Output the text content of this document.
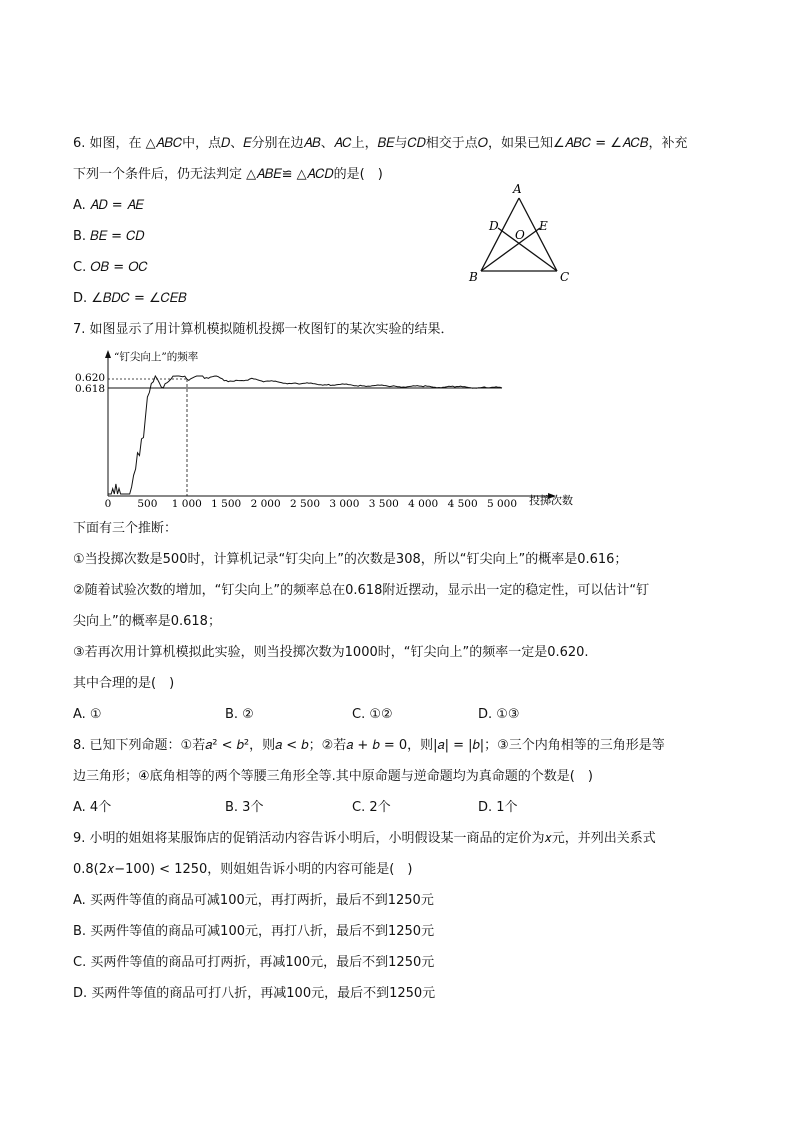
6. 如图，在 △𝐴𝐵𝐶中，点𝐷、𝐸分别在边𝐴𝐵、𝐴𝐶上，𝐵𝐸与𝐶𝐷相交于点𝑂，如果已知∠𝐴𝐵𝐶 = ∠𝐴𝐶𝐵，补充
下列一个条件后，仍无法判定 △𝐴𝐵𝐸≌ △𝐴𝐶𝐷的是(　)
A. 𝐴𝐷 = 𝐴𝐸
B. 𝐵𝐸 = 𝐶𝐷
C. 𝑂𝐵 = 𝑂𝐶
D. ∠𝐵𝐷𝐶 = ∠𝐶𝐸𝐵
A
D	E
O
B	C
7. 如图显示了用计算机模拟随机投掷一枚图钉的某次实验的结果．
“钉尖向上”的频率
投掷次数
0.620
0.618
0 500 1 000 1 500 2 000 2 500 3 000 3 500 4 000 4 500 5 000
下面有三个推断：
①当投掷次数是500时，计算机记录“钉尖向上”的次数是308，所以“钉尖向上”的概率是0.616；
②随着试验次数的增加，“钉尖向上”的频率总在0.618附近摆动，显示出一定的稳定性，可以估计“钉
尖向上”的概率是0.618；
③若再次用计算机模拟此实验，则当投掷次数为1000时，“钉尖向上”的频率一定是0.620.
其中合理的是(　)
A. ①	B. ②	C. ①②	D. ①③
8. 已知下列命题：①若𝑎² < 𝑏²，则𝑎 < 𝑏；②若𝑎 + 𝑏 = 0，则|𝑎| = |𝑏|；③三个内角相等的三角形是等
边三角形；④底角相等的两个等腰三角形全等.其中原命题与逆命题均为真命题的个数是(　)
A. 4个	B. 3个	C. 2个	D. 1个
9. 小明的姐姐将某服饰店的促销活动内容告诉小明后，小明假设某一商品的定价为𝑥元，并列出关系式
0.8(2𝑥−100) < 1250，则姐姐告诉小明的内容可能是(　)
A. 买两件等值的商品可减100元，再打两折，最后不到1250元
B. 买两件等值的商品可减100元，再打八折，最后不到1250元
C. 买两件等值的商品可打两折，再减100元，最后不到1250元
D. 买两件等值的商品可打八折，再减100元，最后不到1250元
